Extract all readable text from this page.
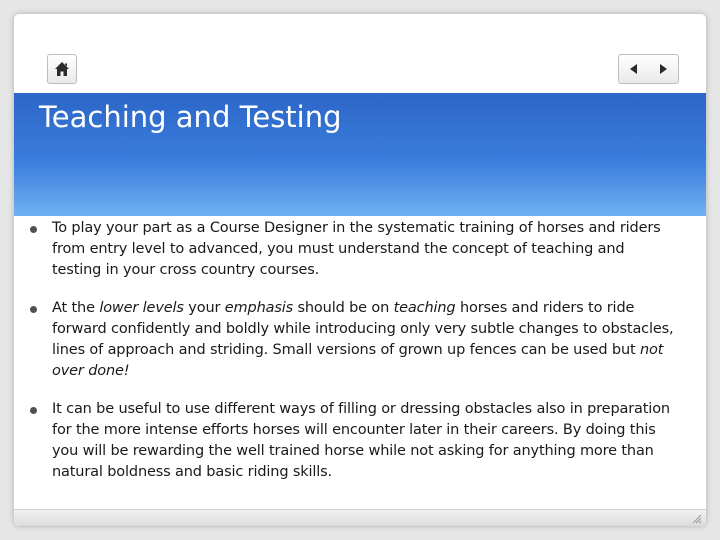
Teaching and Testing
To play your part as a Course Designer in the systematic training of horses and riders from entry level to advanced, you must understand the concept of teaching and testing in your cross country courses.
At the lower levels your emphasis should be on teaching horses and riders to ride forward confidently and boldly while introducing only very subtle changes to obstacles, lines of approach and striding. Small versions of grown up fences can be used but not over done!
It can be useful to use different ways of filling or dressing obstacles also in preparation for the more intense efforts horses will encounter later in their careers. By doing this you will be rewarding the well trained horse while not asking for anything more than natural boldness and basic riding skills.
